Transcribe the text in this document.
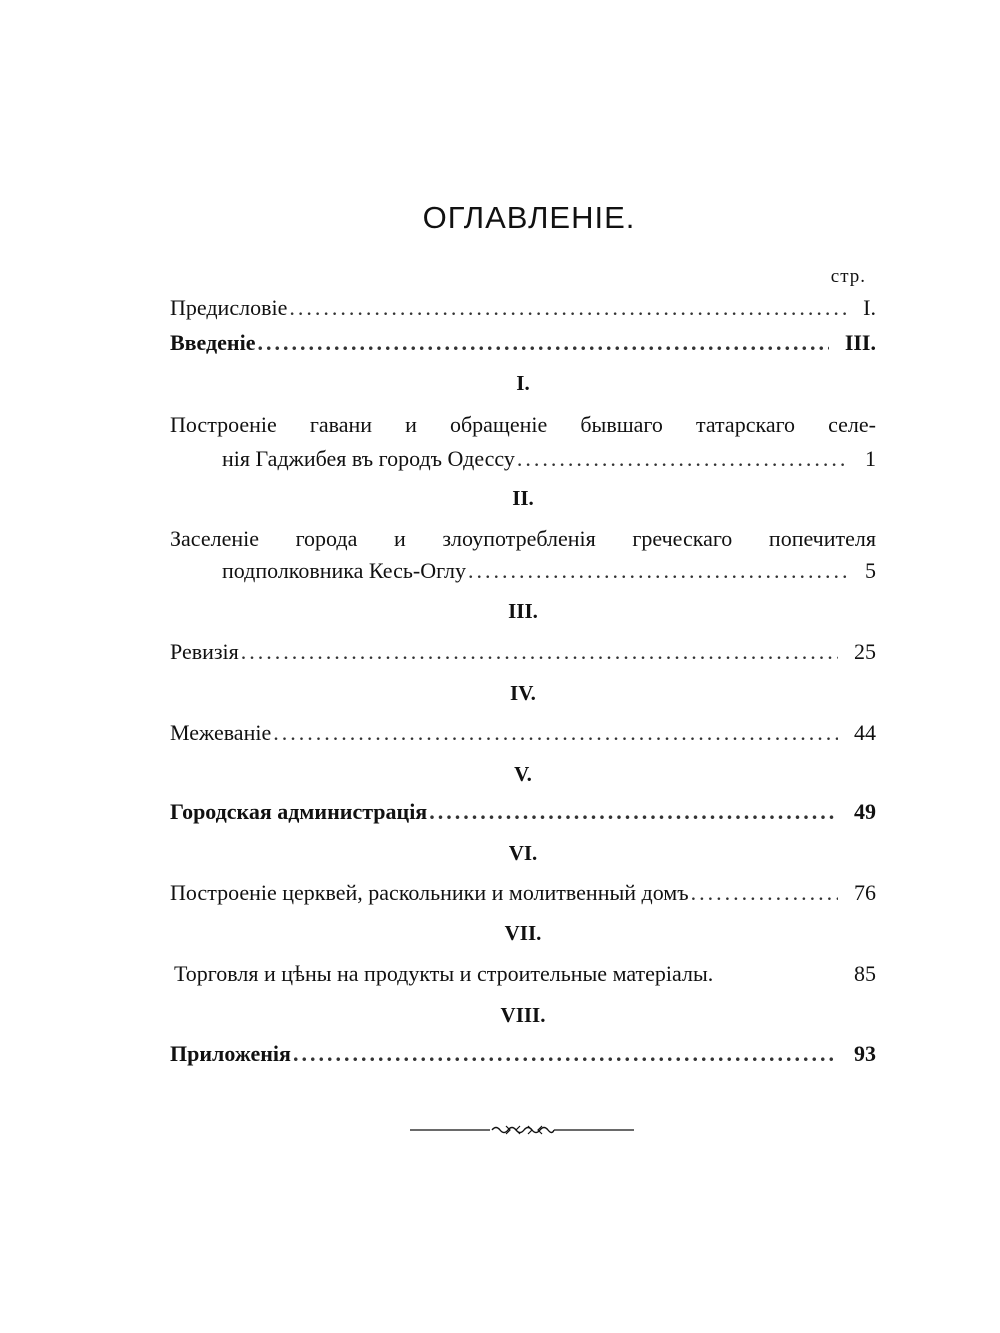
ОГЛАВЛЕНІЕ.
стр.
Предисловіе .....	I.
Введеніе .....	III.
I.
Построеніе гавани и обращеніе бывшаго татарскаго селе-
нія Гаджибея въ городъ Одессу .....	1
II.
Заселеніе города и злоупотребленія греческаго попечителя
подполковника Кесь-Оглу .....	5
III.
Ревизія .....	25
IV.
Межеваніе .....	44
V.
Городская администрація .....	49
VI.
Построеніе церквей, раскольники и молитвенный домъ .....	76
VII.
Торговля и цѣны на продукты и строительные матеріалы.	85
VIII.
Приложенія .....	93
